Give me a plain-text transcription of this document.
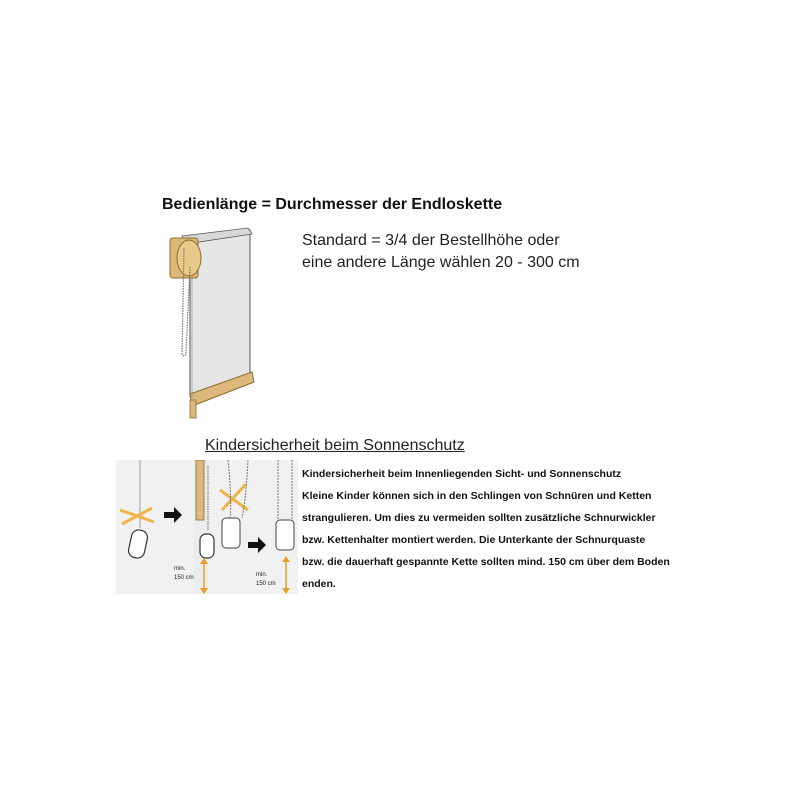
Bedienlänge = Durchmesser der Endloskette
Standard = 3/4 der Bestellhöhe oder
eine andere Länge wählen 20 - 300 cm
Kindersicherheit beim Sonnenschutz
min.
150 cm	min.
150 cm
Kindersicherheit beim Innenliegenden Sicht- und Sonnenschutz
Kleine Kinder können sich in den Schlingen von Schnüren und Ketten
strangulieren. Um dies zu vermeiden sollten zusätzliche Schnurwickler
bzw. Kettenhalter montiert werden. Die Unterkante der Schnurquaste
bzw. die dauerhaft gespannte Kette sollten mind. 150 cm über dem Boden
enden.
